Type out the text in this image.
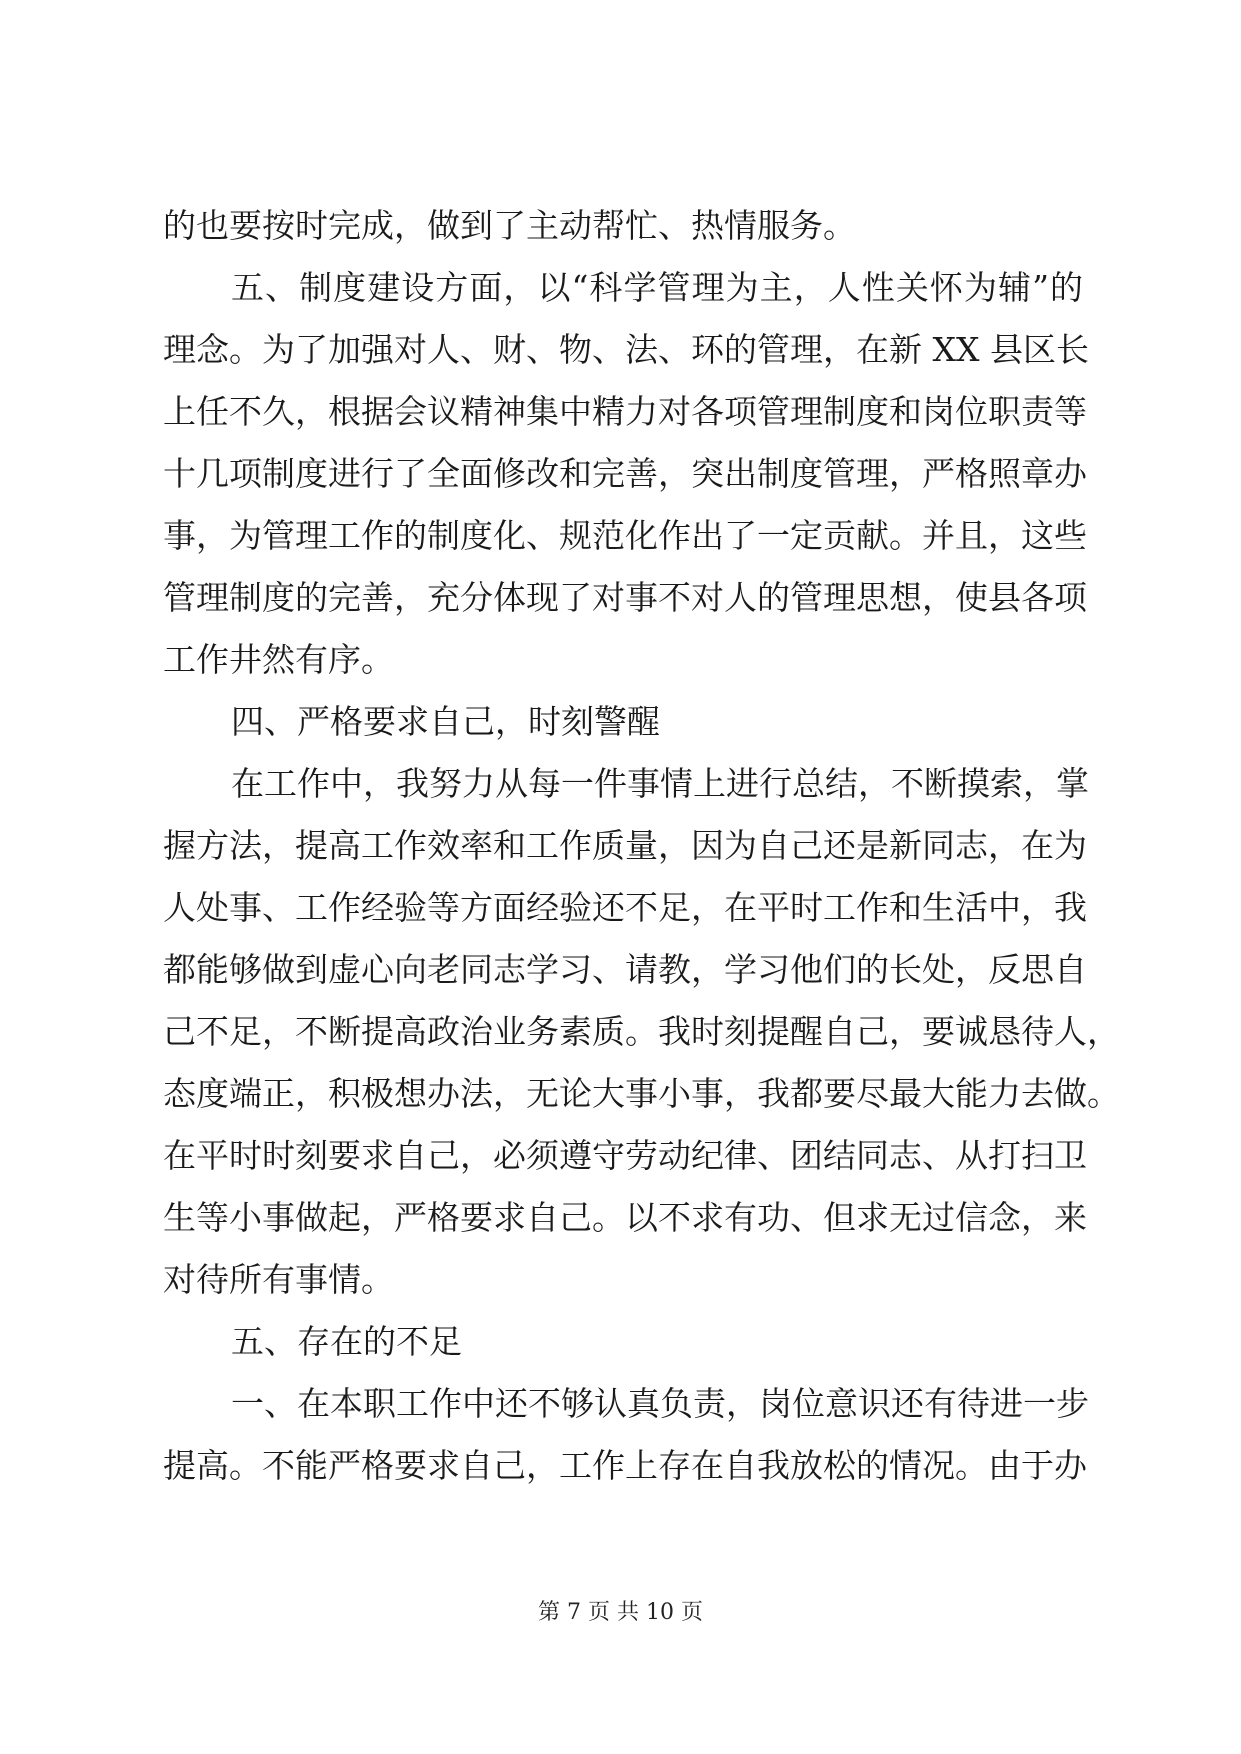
的也要按时完成，做到了主动帮忙、热情服务。
五、制度建设方面，以“科学管理为主，人性关怀为辅”的
理念。为了加强对人、财、物、法、环的管理，在新 XX 县区长
上任不久，根据会议精神集中精力对各项管理制度和岗位职责等
十几项制度进行了全面修改和完善，突出制度管理，严格照章办
事，为管理工作的制度化、规范化作出了一定贡献。并且，这些
管理制度的完善，充分体现了对事不对人的管理思想，使县各项
工作井然有序。
四、严格要求自己，时刻警醒
在工作中，我努力从每一件事情上进行总结，不断摸索，掌
握方法，提高工作效率和工作质量，因为自己还是新同志，在为
人处事、工作经验等方面经验还不足，在平时工作和生活中，我
都能够做到虚心向老同志学习、请教，学习他们的长处，反思自
己不足，不断提高政治业务素质。我时刻提醒自己，要诚恳待人，
态度端正，积极想办法，无论大事小事，我都要尽最大能力去做。
在平时时刻要求自己，必须遵守劳动纪律、团结同志、从打扫卫
生等小事做起，严格要求自己。以不求有功、但求无过信念，来
对待所有事情。
五、存在的不足
一、在本职工作中还不够认真负责，岗位意识还有待进一步
提高。不能严格要求自己，工作上存在自我放松的情况。由于办
第 7 页 共 10 页
